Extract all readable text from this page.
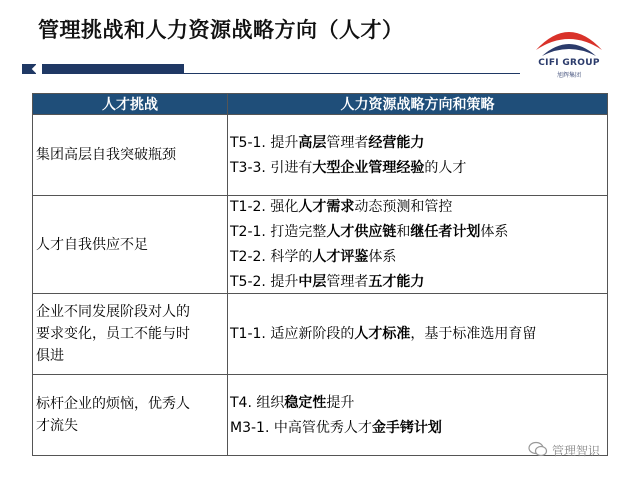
管理挑战和人力资源战略方向（人才）
CIFI GROUP
旭辉集团
人才挑战	人力资源战略方向和策略
集团高层自我突破瓶颈	T5-1. 提升高层管理者经营能力
T3-3. 引进有大型企业管理经验的人才

人才自我供应不足	T1-2. 强化人才需求动态预测和管控
T2-1. 打造完整人才供应链和继任者计划体系
T2-2. 科学的人才评鉴体系
T5-2. 提升中层管理者五才能力

企业不同发展阶段对人的
要求变化，员工不能与时
俱进	T1-1. 适应新阶段的人才标准，基于标准选用育留

标杆企业的烦恼，优秀人
才流失	T4. 组织稳定性提升
M3-1. 中高管优秀人才金手铐计划
管理智识
